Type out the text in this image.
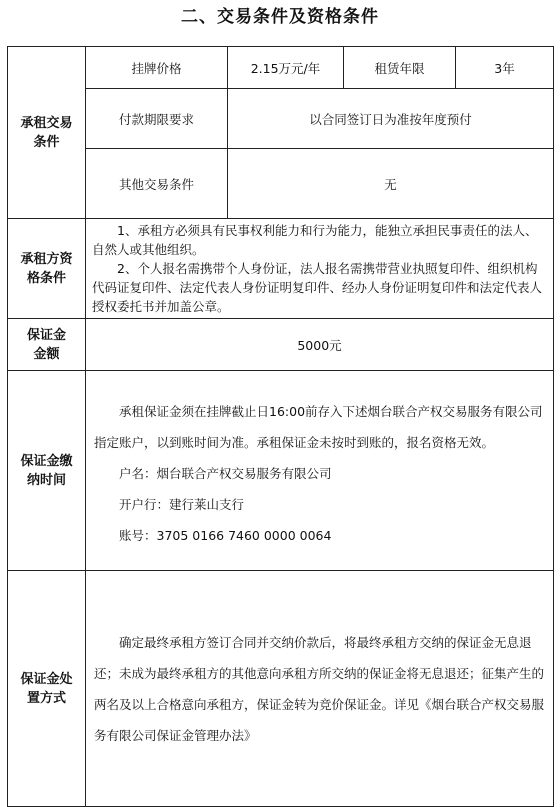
二、交易条件及资格条件
承租交易条件	挂牌价格	2.15万元/年	租赁年限	3年
	付款期限要求	以合同签订日为准按年度预付		
	其他交易条件	无		

承租方资格条件	1、承租方必须具有民事权利能力和行为能力，能独立承担民事责任的法人、自然人或其他组织。
2、个人报名需携带个人身份证，法人报名需携带营业执照复印件、组织机构代码证复印件、法定代表人身份证明复印件、经办人身份证明复印件和法定代表人授权委托书并加盖公章。			

保证金金额	5000元			

保证金缴纳时间	承租保证金须在挂牌截止日16:00前存入下述烟台联合产权交易服务有限公司指定账户，以到账时间为准。承租保证金未按时到账的，报名资格无效。

户名：烟台联合产权交易服务有限公司
开户行：建行莱山支行
账号：3705 0166 7460 0000 0064			

保证金处置方式	确定最终承租方签订合同并交纳价款后，将最终承租方交纳的保证金无息退还；未成为最终承租方的其他意向承租方所交纳的保证金将无息退还；征集产生的两名及以上合格意向承租方，保证金转为竞价保证金。详见《烟台联合产权交易服务有限公司保证金管理办法》			
